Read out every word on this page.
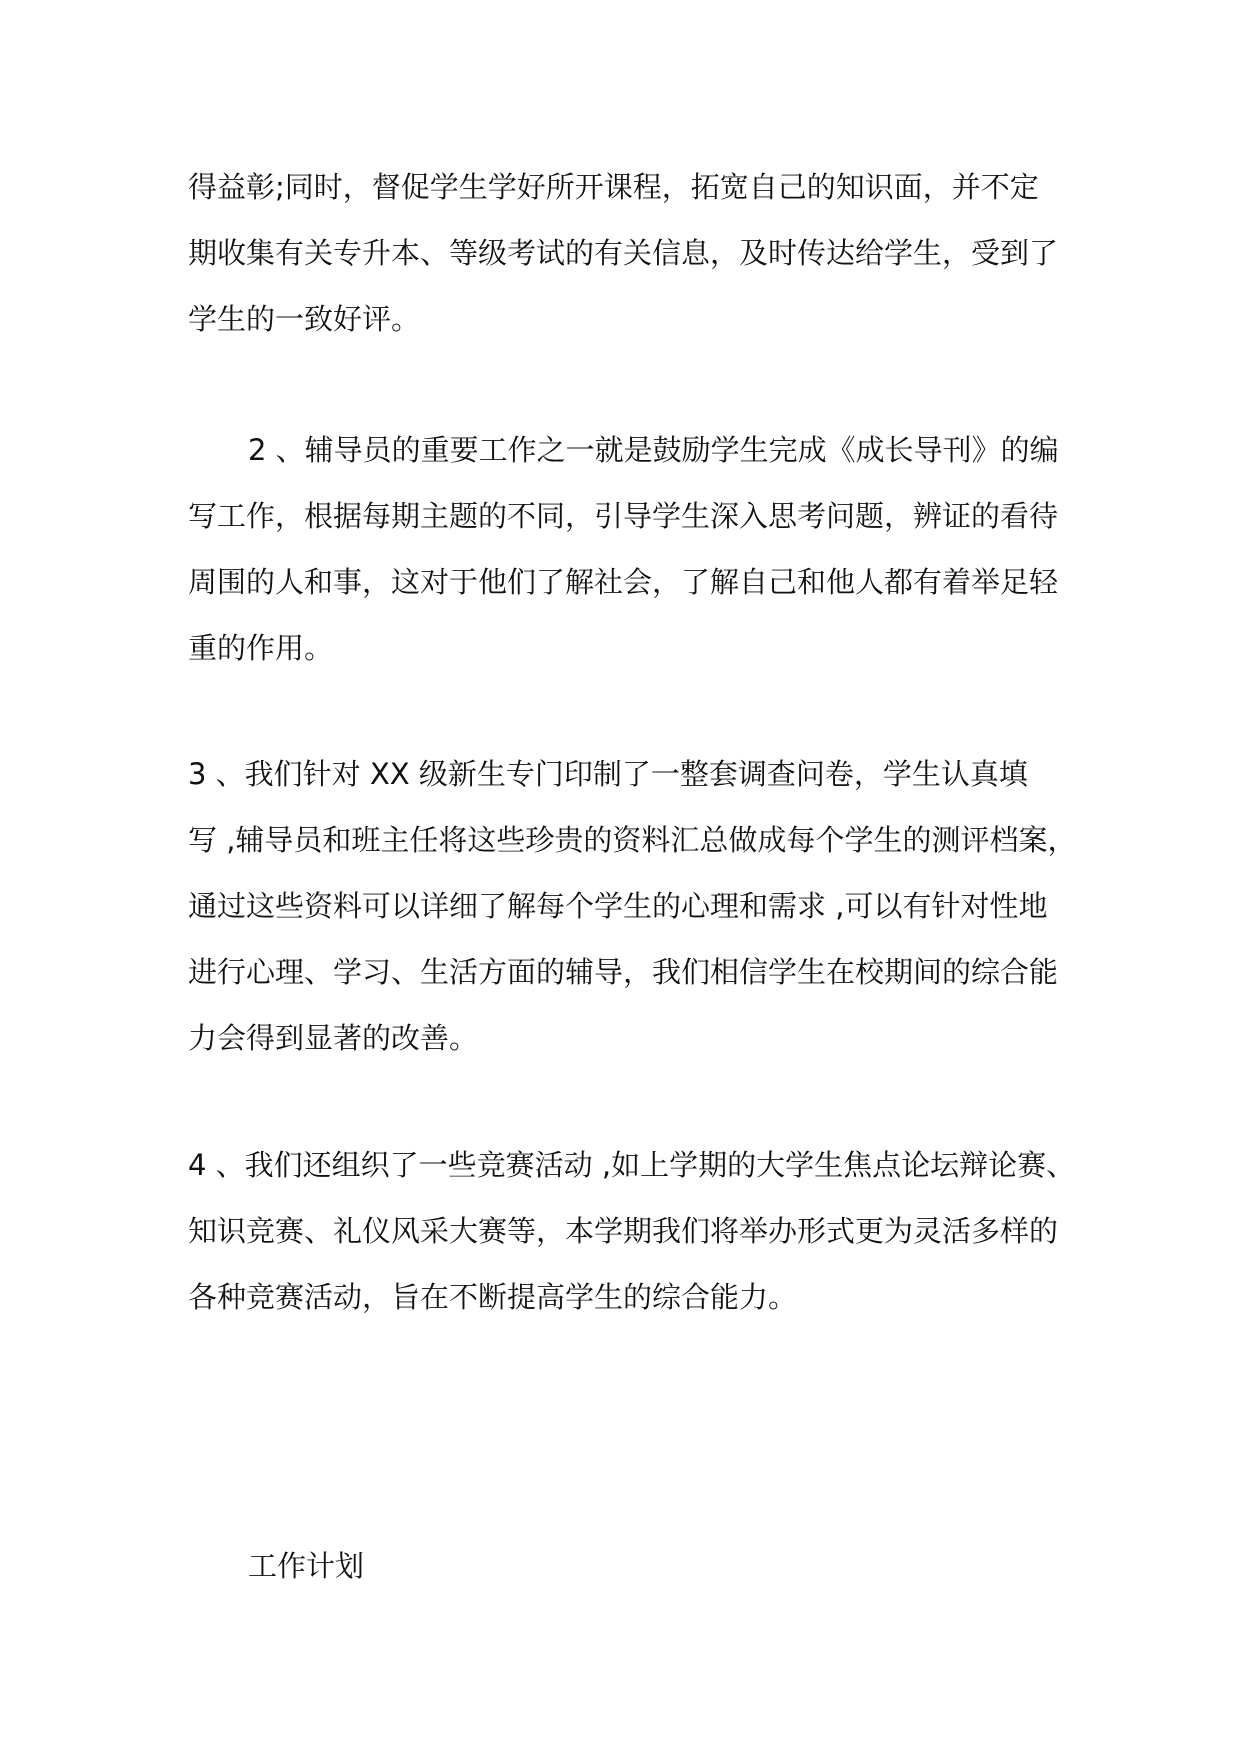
得益彰;同时，督促学生学好所开课程，拓宽自己的知识面，并不定
期收集有关专升本、等级考试的有关信息，及时传达给学生，受到了
学生的一致好评。

2 、辅导员的重要工作之一就是鼓励学生完成《成长导刊》的编
写工作，根据每期主题的不同，引导学生深入思考问题，辨证的看待
周围的人和事，这对于他们了解社会，了解自己和他人都有着举足轻
重的作用。

3 、我们针对 XX 级新生专门印制了一整套调查问卷，学生认真填
写 ,辅导员和班主任将这些珍贵的资料汇总做成每个学生的测评档案，
通过这些资料可以详细了解每个学生的心理和需求 ,可以有针对性地
进行心理、学习、生活方面的辅导，我们相信学生在校期间的综合能
力会得到显著的改善。

4 、我们还组织了一些竞赛活动 ,如上学期的大学生焦点论坛辩论赛、
知识竞赛、礼仪风采大赛等，本学期我们将举办形式更为灵活多样的
各种竞赛活动，旨在不断提高学生的综合能力。

工作计划
